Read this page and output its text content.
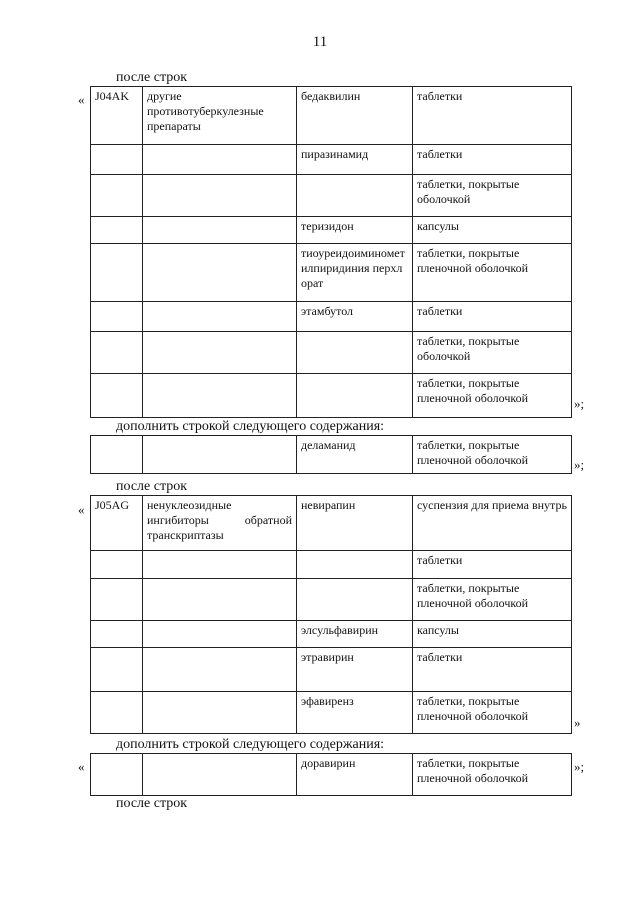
11
после строк
« J04AK	другие противотуберкулезные препараты	бедаквилин	таблетки
		пиразинамид	таблетки
			таблетки, покрытые оболочкой
		теризидон	капсулы
		тиоуреидоиминометилпиридиния перхлорат	таблетки, покрытые пленочной оболочкой
		этамбутол	таблетки
			таблетки, покрытые оболочкой
			таблетки, покрытые пленочной оболочкой	»;
дополнить строкой следующего содержания:
		деламанид	таблетки, покрытые пленочной оболочкой	»;
после строк
« J05AG	ненуклеозидные ингибиторы обратной транскриптазы	невирапин	суспензия для приема внутрь
			таблетки
			таблетки, покрытые пленочной оболочкой
		элсульфавирин	капсулы
		этравирин	таблетки
		эфавиренз	таблетки, покрытые пленочной оболочкой	»
дополнить строкой следующего содержания:
«
			доравирин	таблетки, покрытые пленочной оболочкой
»;
после строк
